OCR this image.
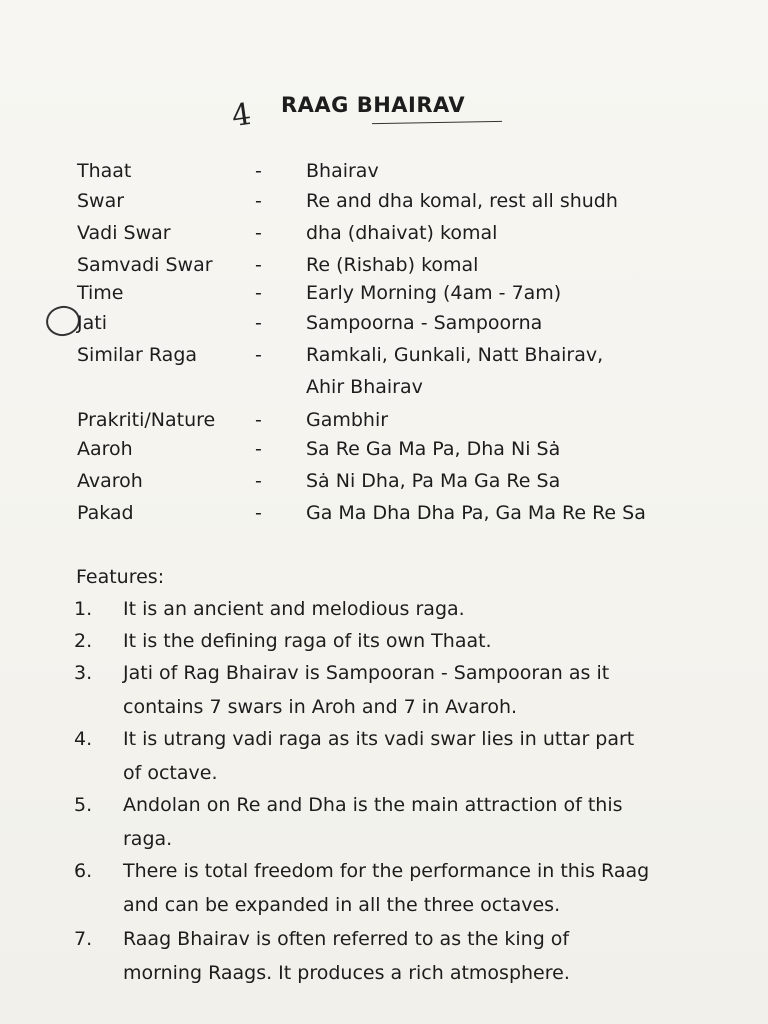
4 RAAG BHAIRAV
Thaat	- Bhairav
Swar	- Re and dha komal, rest all shudh
Vadi Swar	- dha (dhaivat) komal
Samvadi Swar - Re (Rishab) komal
Time	- Early Morning (4am - 7am)
Jati	- Sampoorna - Sampoorna
Similar Raga	- Ramkali, Gunkali, Natt Bhairav,
Ahir Bhairav
Prakriti/Nature - Gambhir
Aaroh	- Sa Re Ga Ma Pa, Dha Ni Sȧ
Avaroh	- Sȧ Ni Dha, Pa Ma Ga Re Sa
Pakad	- Ga Ma Dha Dha Pa, Ga Ma Re Re Sa
Features:
1. It is an ancient and melodious raga.
2. It is the defining raga of its own Thaat.
3. Jati of Rag Bhairav is Sampooran - Sampooran as it
contains 7 swars in Aroh and 7 in Avaroh.
4. It is utrang vadi raga as its vadi swar lies in uttar part
of octave.
5. Andolan on Re and Dha is the main attraction of this
raga.
6. There is total freedom for the performance in this Raag
and can be expanded in all the three octaves.
7. Raag Bhairav is often referred to as the king of
morning Raags. It produces a rich atmosphere.
